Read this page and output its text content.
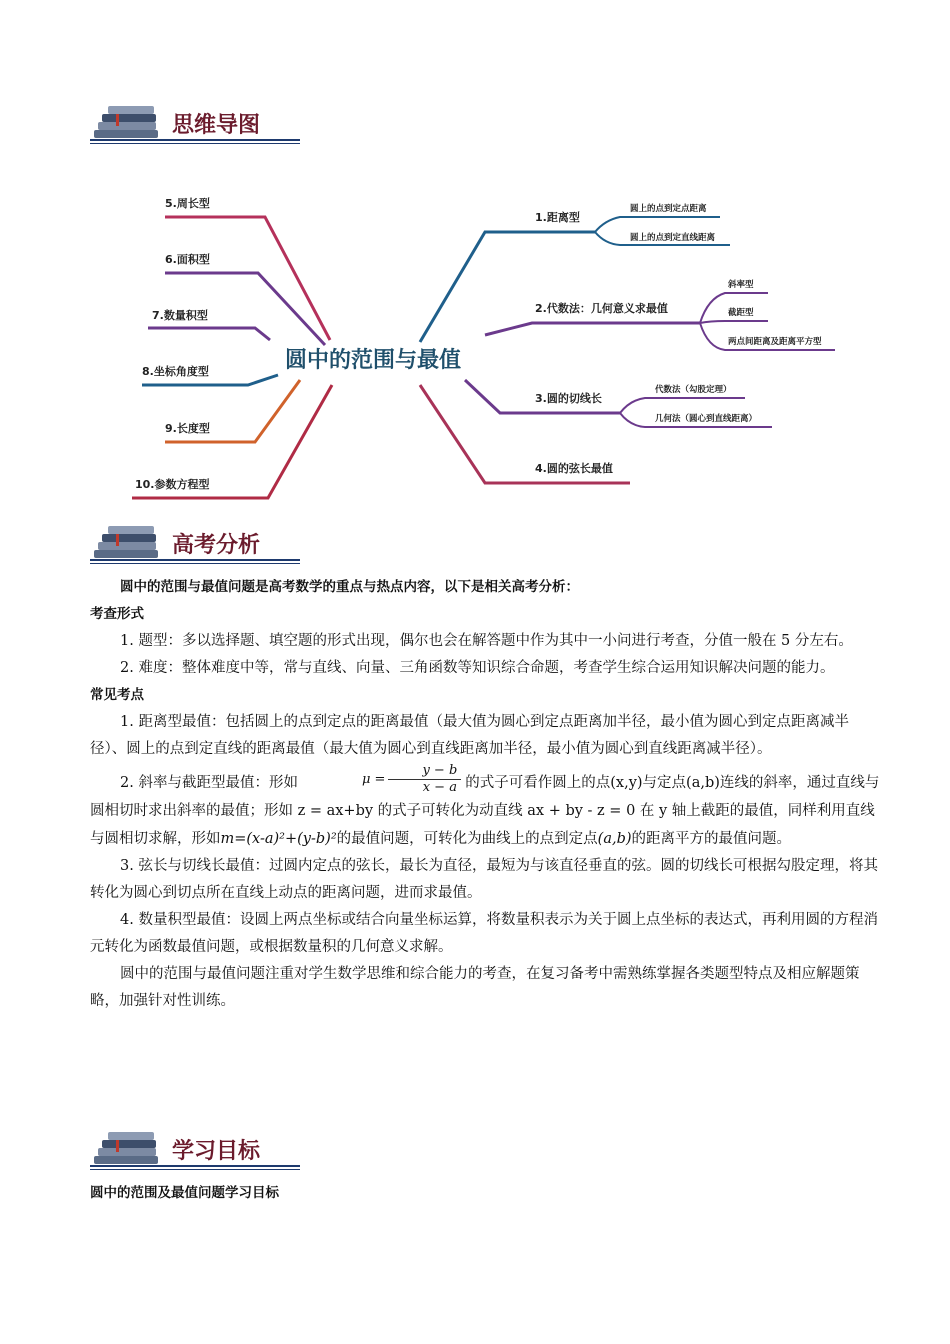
思维导图
圆中的范围与最值
5.周长型
6.面积型
7.数量积型
8.坐标角度型
9.长度型
10.参数方程型
1.距离型
圆上的点到定点距离
圆上的点到定直线距离
2.代数法：几何意义求最值
斜率型
截距型
两点间距离及距离平方型
3.圆的切线长
代数法（勾股定理）
几何法（圆心到直线距离）
4.圆的弦长最值
高考分析

圆中的范围与最值问题是高考数学的重点与热点内容，以下是相关高考分析：

考查形式

1. 题型：多以选择题、填空题的形式出现，偶尔也会在解答题中作为其中一小问进行考查，分值一般在 5 分左右。

2. 难度：整体难度中等，常与直线、向量、三角函数等知识综合命题，考查学生综合运用知识解决问题的能力。

常见考点

1. 距离型最值：包括圆上的点到定点的距离最值（最大值为圆心到定点距离加半径，最小值为圆心到定点距离减半径）、圆上的点到定直线的距离最值（最大值为圆心到直线距离加半径，最小值为圆心到直线距离减半径）。

2. 斜率与截距型最值：形如	$\mu = \frac{y - b}{x - a}$ 的式子可看作圆上的点(x,y)与定点(a,b)连线的斜率，通过直线与圆相切时求出斜率的最值；形如 z = ax+by 的式子可转化为动直线 ax + by - z = 0 在 y 轴上截距的最值，同样利用直线与圆相切求解，形如m=(x-a)²+(y-b)²的最值问题，可转化为曲线上的点到定点(a,b)的距离平方的最值问题。

3. 弦长与切线长最值：过圆内定点的弦长，最长为直径，最短为与该直径垂直的弦。圆的切线长可根据勾股定理，将其转化为圆心到切点所在直线上动点的距离问题，进而求最值。

4. 数量积型最值：设圆上两点坐标或结合向量坐标运算，将数量积表示为关于圆上点坐标的表达式，再利用圆的方程消元转化为函数最值问题，或根据数量积的几何意义求解。

圆中的范围与最值问题注重对学生数学思维和综合能力的考查，在复习备考中需熟练掌握各类题型特点及相应解题策略，加强针对性训练。

学习目标

圆中的范围及最值问题学习目标
